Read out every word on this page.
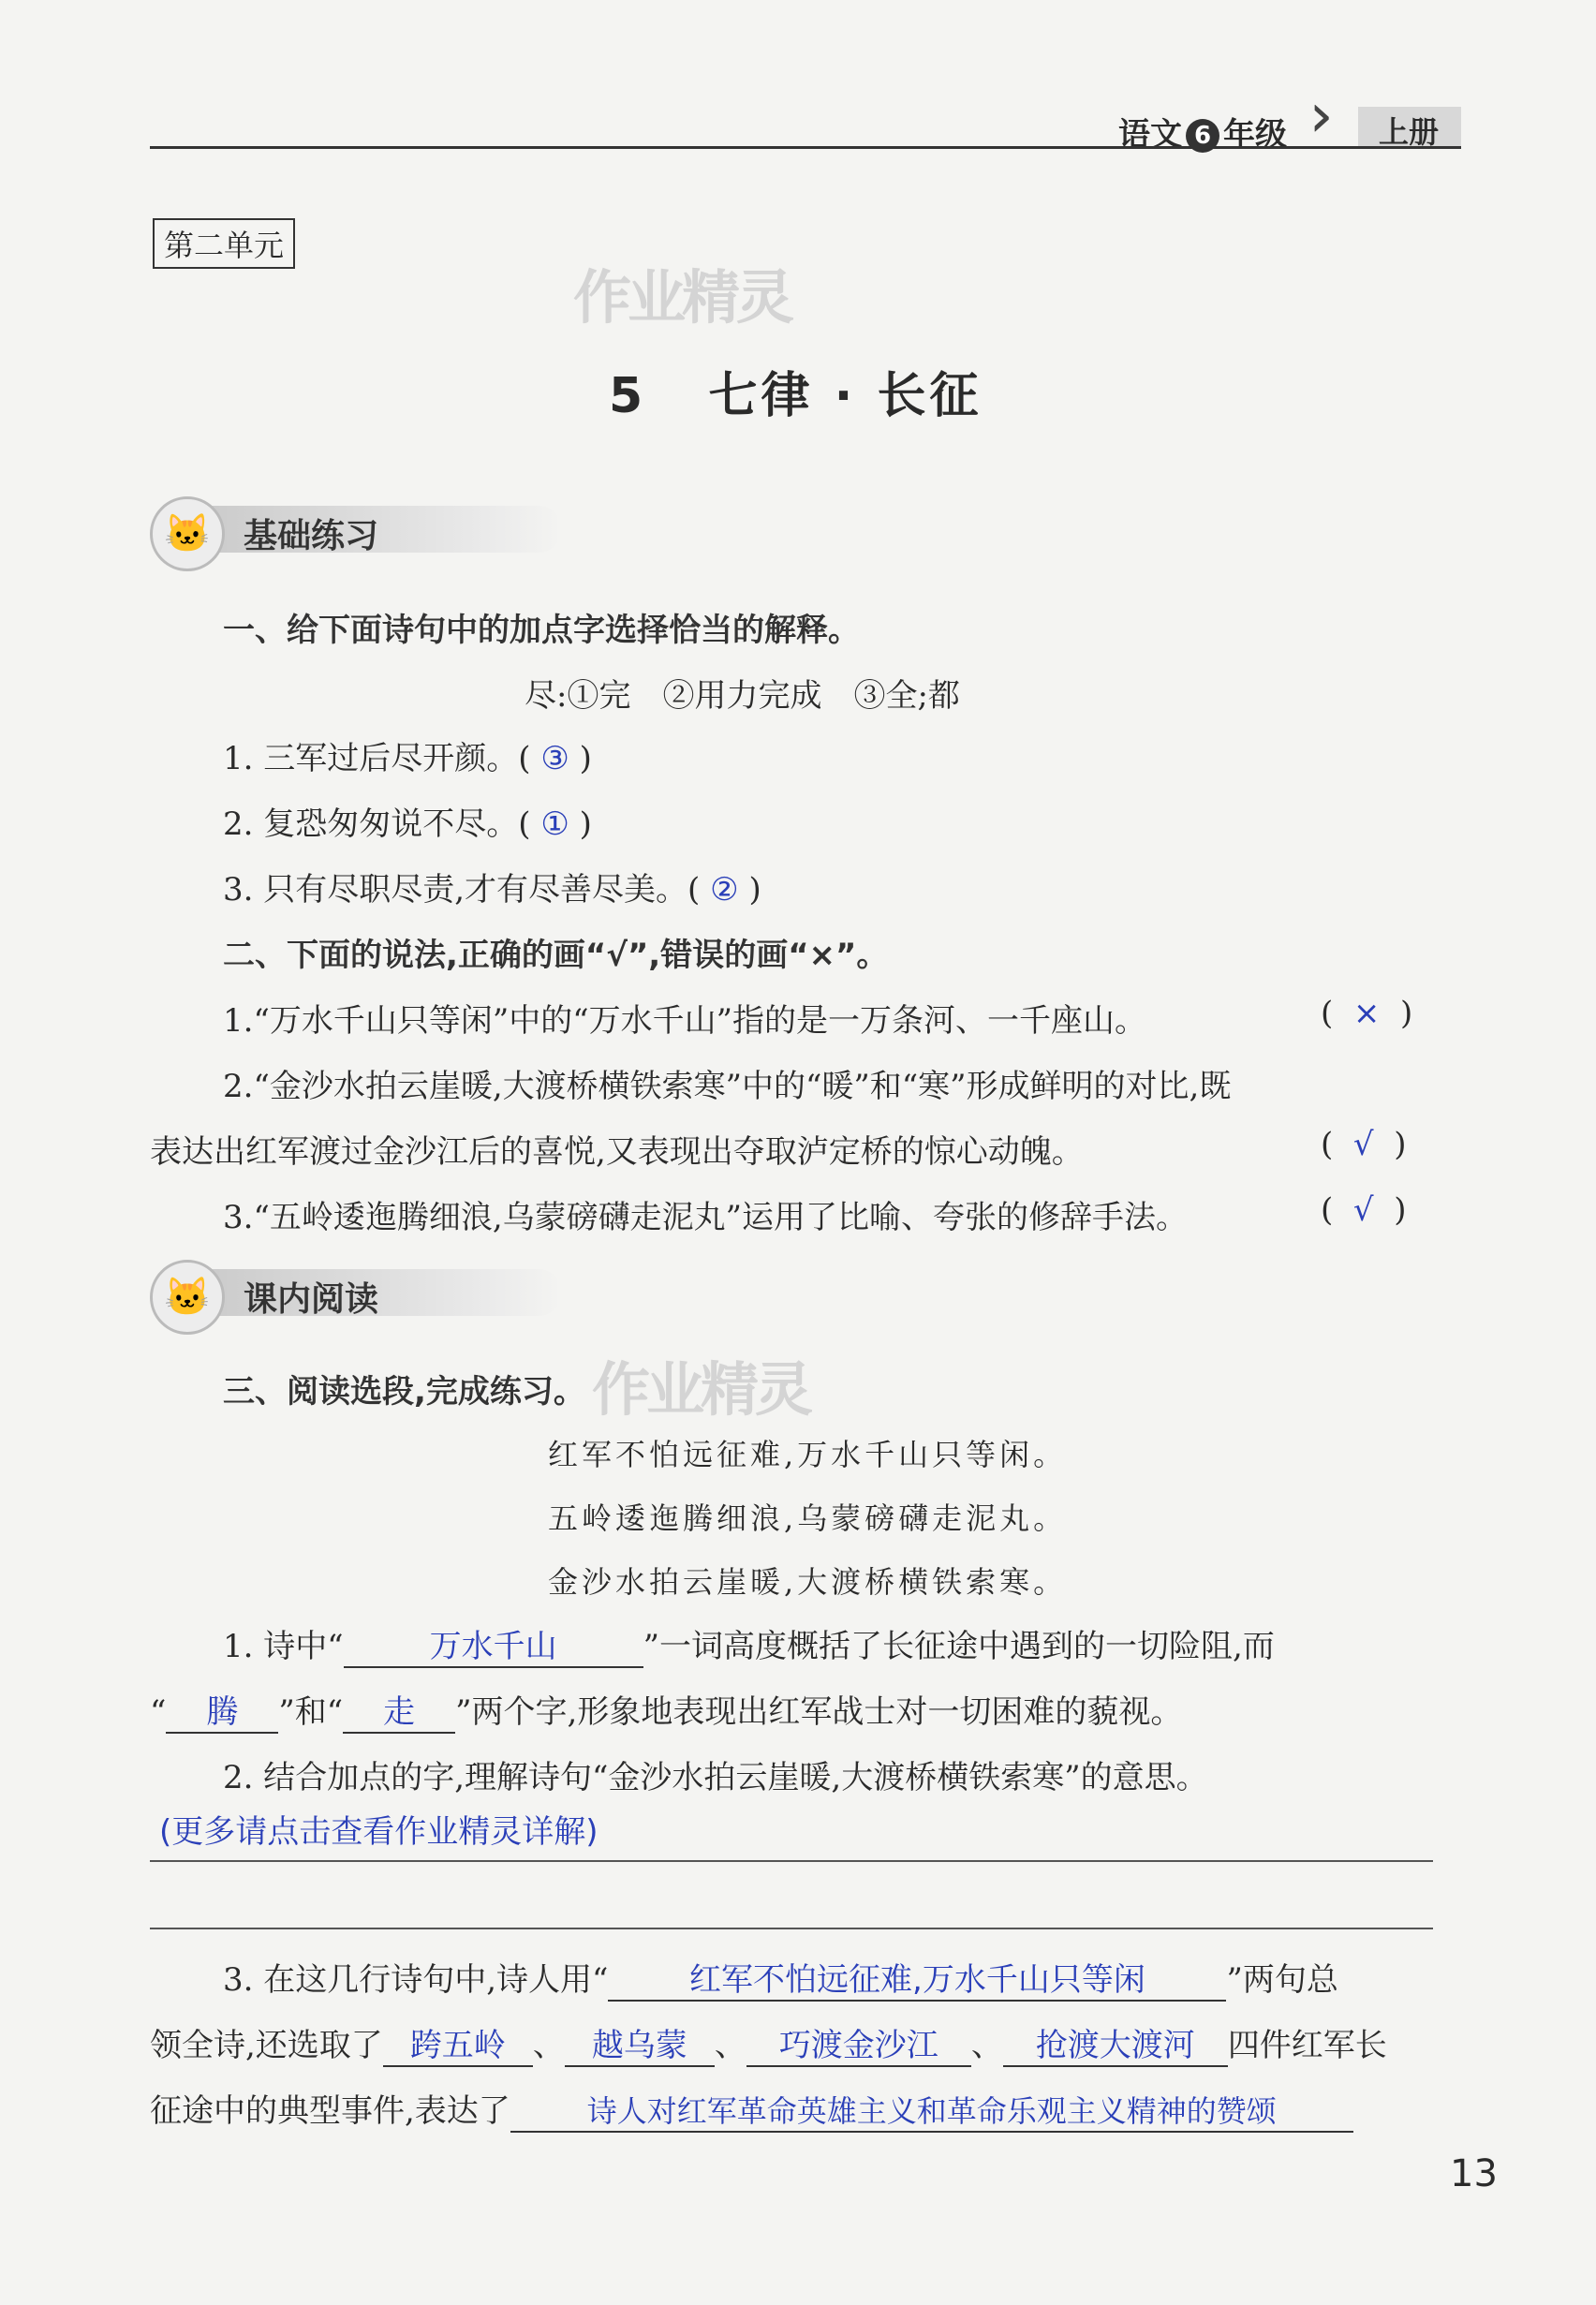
语文 6 年级	上册
第二单元
作业精灵
作业精灵
5 七律 · 长征
🐱 基础练习
一、给下面诗句中的加点字选择恰当的解释。
尽:①完　②用力完成　③全;都
1. 三军过后尽开颜。( ③ )
2. 复恐匆匆说不尽。( ① )
3. 只有尽职尽责,才有尽善尽美。( ② )
二、下面的说法,正确的画“√”,错误的画“×”。
1.“万水千山只等闲”中的“万水千山”指的是一万条河、一千座山。	( × )
2.“金沙水拍云崖暖,大渡桥横铁索寒”中的“暖”和“寒”形成鲜明的对比,既
表达出红军渡过金沙江后的喜悦,又表现出夺取泸定桥的惊心动魄。	( √ )
3.“五岭逶迤腾细浪,乌蒙磅礴走泥丸”运用了比喻、夸张的修辞手法。	( √ )
🐱 课内阅读
三、阅读选段,完成练习。
红军不怕远征难,万水千山只等闲。
五岭逶迤腾细浪,乌蒙磅礴走泥丸。
金沙水拍云崖暖,大渡桥横铁索寒。
1. 诗中“	万水千山	”一词高度概括了长征途中遇到的一切险阻,而
“ 腾 ”和“ 走 ”两个字,形象地表现出红军战士对一切困难的藐视。
2. 结合加点的字,理解诗句“金沙水拍云崖暖,大渡桥横铁索寒”的意思。
(更多请点击查看作业精灵详解)
3. 在这几行诗句中,诗人用“	红军不怕远征难,万水千山只等闲	”两句总
领全诗,还选取了 跨五岭 、 越乌蒙 、 巧渡金沙江 、 抢渡大渡河 四件红军长
征途中的典型事件,表达了	诗人对红军革命英雄主义和革命乐观主义精神的赞颂
13
